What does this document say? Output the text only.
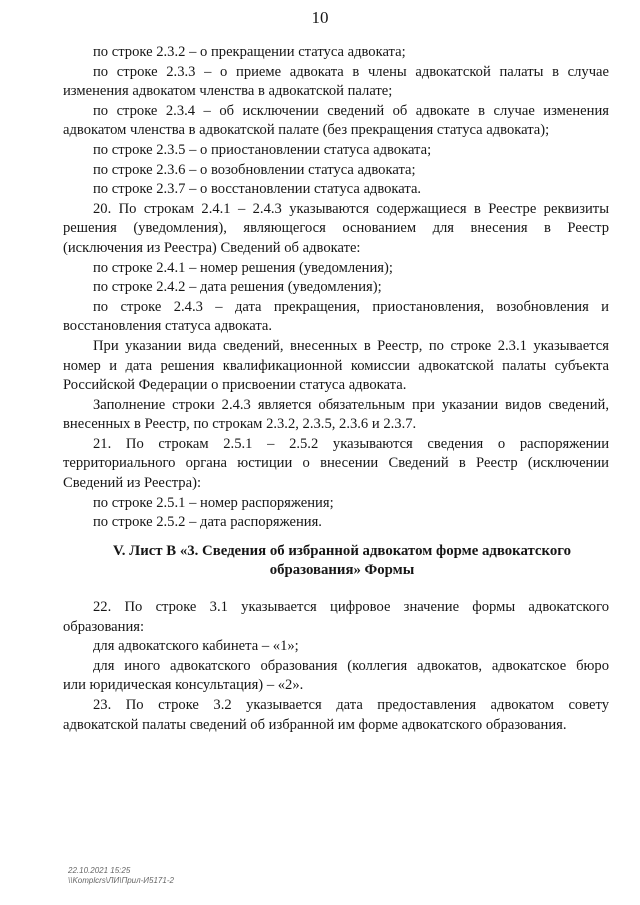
10
по строке 2.3.2 – о прекращении статуса адвоката;
по строке 2.3.3 – о приеме адвоката в члены адвокатской палаты в случае
изменения адвокатом членства в адвокатской палате;
по строке 2.3.4 – об исключении сведений об адвокате в случае изменения
адвокатом членства в адвокатской палате (без прекращения статуса адвоката);
по строке 2.3.5 – о приостановлении статуса адвоката;
по строке 2.3.6 – о возобновлении статуса адвоката;
по строке 2.3.7 – о восстановлении статуса адвоката.
20. По строкам 2.4.1 – 2.4.3 указываются содержащиеся в Реестре реквизиты
решения (уведомления), являющегося основанием для внесения в Реестр
(исключения из Реестра) Сведений об адвокате:
по строке 2.4.1 – номер решения (уведомления);
по строке 2.4.2 – дата решения (уведомления);
по строке 2.4.3 – дата прекращения, приостановления, возобновления и
восстановления статуса адвоката.
При указании вида сведений, внесенных в Реестр, по строке 2.3.1 указывается
номер и дата решения квалификационной комиссии адвокатской палаты субъекта
Российской Федерации о присвоении статуса адвоката.
Заполнение строки 2.4.3 является обязательным при указании видов сведений,
внесенных в Реестр, по строкам 2.3.2, 2.3.5, 2.3.6 и 2.3.7.
21. По строкам 2.5.1 – 2.5.2 указываются сведения о распоряжении
территориального органа юстиции о внесении Сведений в Реестр (исключении
Сведений из Реестра):
по строке 2.5.1 – номер распоряжения;
по строке 2.5.2 – дата распоряжения.
V. Лист В «3. Сведения об избранной адвокатом форме адвокатского
образования» Формы
22. По строке 3.1 указывается цифровое значение формы адвокатского
образования:
для адвокатского кабинета – «1»;
для иного адвокатского образования (коллегия адвокатов, адвокатское бюро
или юридическая консультация) – «2».
23. По строке 3.2 указывается дата предоставления адвокатом совету
адвокатской палаты сведений об избранной им форме адвокатского образования.
22.10.2021 15:25
\\Komplcrs\ЛИ\Прил-И5171-2
